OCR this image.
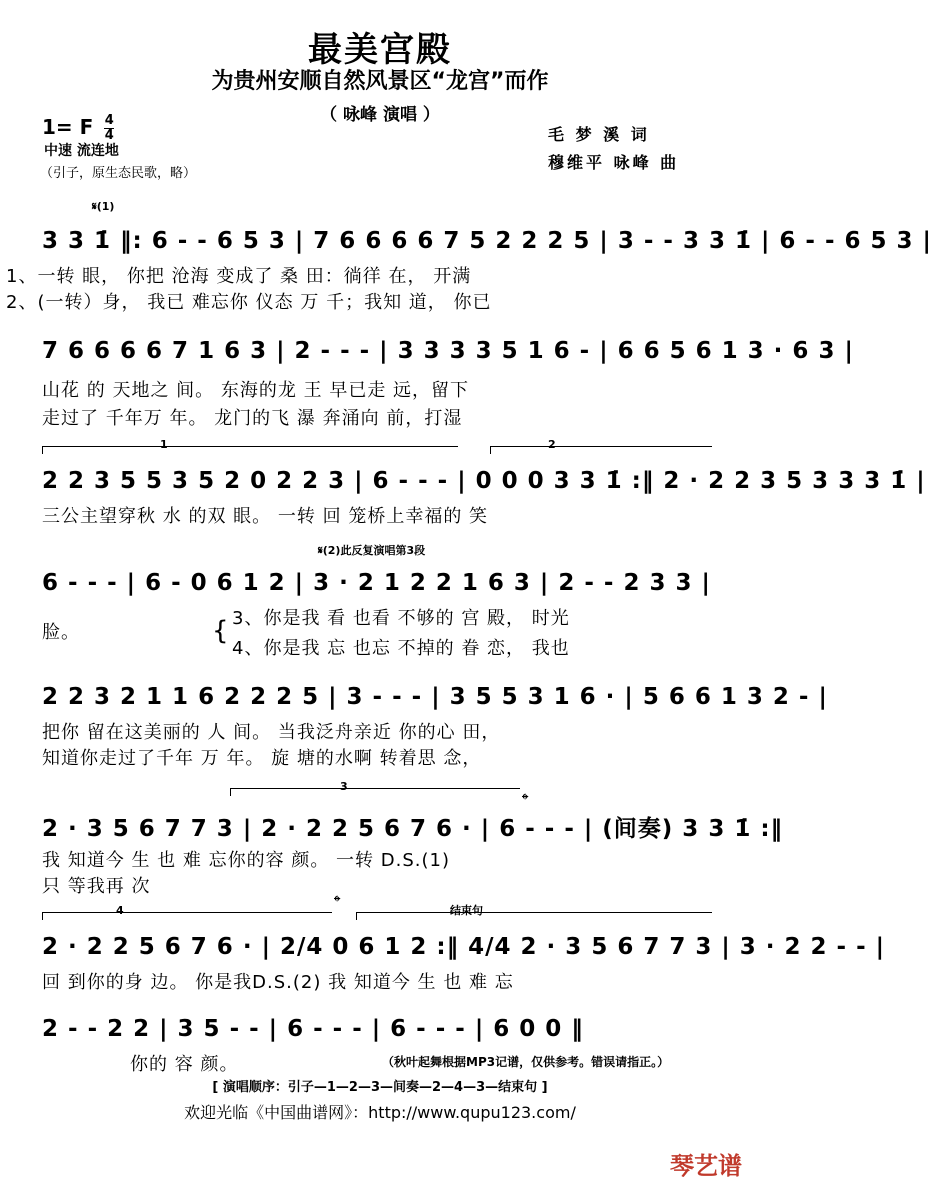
最美宫殿
为贵州安顺自然风景区“龙宫”而作
（ 咏峰 演唱 ）
1= F $\frac{4}{4}$
中速 流连地
（引子，原生态民歌，略）
毛 梦 溪 词
穆维平 咏峰 曲
𝄋(1)
3 3 1̇ ‖: 6 - - 6 5 3 | 7 6 6 6 6 7 5 2 2 2 5 | 3 - - 3 3 1̇ | 6 - - 6 5 3 |
1、一转 眼， 你把 沧海 变成了 桑 田：徜徉 在， 开满
2、(一转）身， 我已 难忘你 仪态 万 千；我知 道， 你已
7 6 6 6 6 7 1 6 3 | 2 - - - | 3 3 3 3 5 1 6 - | 6 6 5 6 1 3 · 6 3 |
山花 的 天地之 间。 东海的龙 王 早已走 远，留下
走过了 千年万 年。 龙门的飞 瀑 奔涌向 前，打湿
1	2
2 2 3 5 5 3 5 2 0 2 2 3 | 6 - - - | 0 0 0 3 3 1̇ :‖ 2 · 2 2 3 5 3 3 3 1̇ |
三公主望穿秋 水 的双 眼。 一转 回 笼桥上幸福的 笑
𝄋(2)此反复演唱第3段
6 - - - | 6 - 0 6 1 2 | 3 · 2 1 2 2 1 6 3 | 2 - - 2 3 3 |
脸。	{ 3、你是我 看 也看 不够的 宫 殿， 时光
4、你是我 忘 也忘 不掉的 眷 恋， 我也
2 2 3 2 1 1 6 2 2 2 5 | 3 - - - | 3 5 5 3 1 6 · | 5 6 6 1 3 2 - |
把你 留在这美丽的 人 间。 当我泛舟亲近 你的心 田，
知道你走过了千年 万 年。 旋 塘的水啊 转着思 念，
3
𝄌
2 · 3 5 6 7 7 3 | 2 · 2 2 5 6 7 6 · | 6 - - - | (间奏) 3 3 1̇ :‖
我 知道今 生 也 难 忘你的容 颜。 一转 D.S.(1)
只 等我再 次
4	𝄌	结束句
2 · 2 2 5 6 7 6 · | 2/4 0 6 1 2 :‖ 4/4 2 · 3 5 6 7 7 3 | 3 · 2 2 - - |
回 到你的身 边。 你是我D.S.(2) 我 知道今 生 也 难 忘
2 - - 2 2 | 3 5 - - | 6 - - - | 6 - - - | 6 0 0 ‖
你的 容 颜。	（秋叶起舞根据MP3记谱，仅供参考。错误请指正。）
[ 演唱顺序：引子—1—2—3—间奏—2—4—3—结束句 ]
欢迎光临《中国曲谱网》：http://www.qupu123.com/
琴艺谱
